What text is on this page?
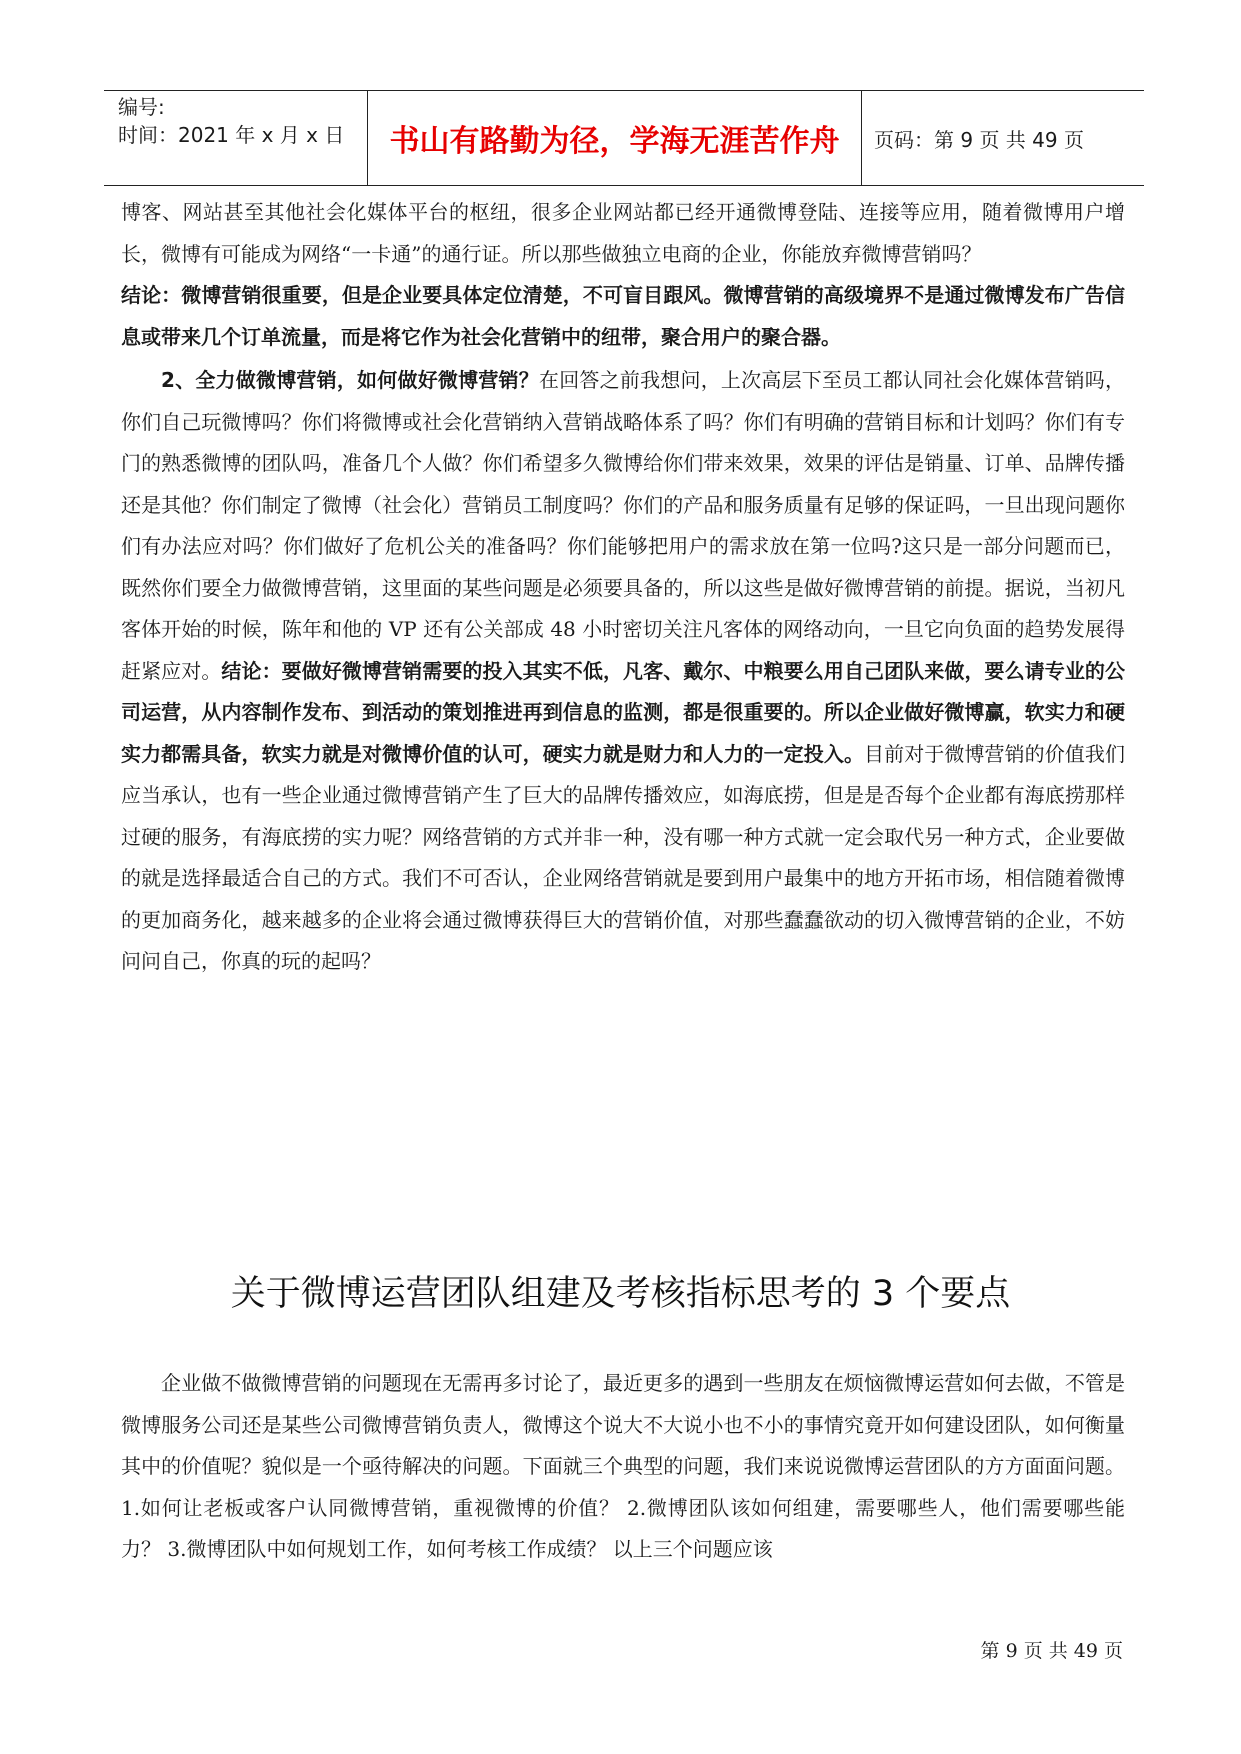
编号:
时间：2021 年 x 月 x 日	书山有路勤为径，学海无涯苦作舟	页码：第 9 页 共 49 页
博客、网站甚至其他社会化媒体平台的枢纽，很多企业网站都已经开通微博登陆、连接等应用，随着微博用户增长，微博有可能成为网络“一卡通”的通行证。所以那些做独立电商的企业，你能放弃微博营销吗？
结论：微博营销很重要，但是企业要具体定位清楚，不可盲目跟风。微博营销的高级境界不是通过微博发布广告信息或带来几个订单流量，而是将它作为社会化营销中的纽带，聚合用户的聚合器。
2、全力做微博营销，如何做好微博营销？在回答之前我想问，上次高层下至员工都认同社会化媒体营销吗，你们自己玩微博吗？你们将微博或社会化营销纳入营销战略体系了吗？你们有明确的营销目标和计划吗？你们有专门的熟悉微博的团队吗，准备几个人做？你们希望多久微博给你们带来效果，效果的评估是销量、订单、品牌传播还是其他？你们制定了微博（社会化）营销员工制度吗？你们的产品和服务质量有足够的保证吗，一旦出现问题你们有办法应对吗？你们做好了危机公关的准备吗？你们能够把用户的需求放在第一位吗?这只是一部分问题而已，既然你们要全力做微博营销，这里面的某些问题是必须要具备的，所以这些是做好微博营销的前提。据说，当初凡客体开始的时候，陈年和他的 VP 还有公关部成 48 小时密切关注凡客体的网络动向，一旦它向负面的趋势发展得赶紧应对。结论：要做好微博营销需要的投入其实不低，凡客、戴尔、中粮要么用自己团队来做，要么请专业的公司运营，从内容制作发布、到活动的策划推进再到信息的监测，都是很重要的。所以企业做好微博赢，软实力和硬实力都需具备，软实力就是对微博价值的认可，硬实力就是财力和人力的一定投入。目前对于微博营销的价值我们应当承认，也有一些企业通过微博营销产生了巨大的品牌传播效应，如海底捞，但是是否每个企业都有海底捞那样过硬的服务，有海底捞的实力呢？网络营销的方式并非一种，没有哪一种方式就一定会取代另一种方式，企业要做的就是选择最适合自己的方式。我们不可否认，企业网络营销就是要到用户最集中的地方开拓市场，相信随着微博的更加商务化，越来越多的企业将会通过微博获得巨大的营销价值，对那些蠢蠢欲动的切入微博营销的企业，不妨问问自己，你真的玩的起吗？
关于微博运营团队组建及考核指标思考的 3 个要点
企业做不做微博营销的问题现在无需再多讨论了，最近更多的遇到一些朋友在烦恼微博运营如何去做，不管是微博服务公司还是某些公司微博营销负责人，微博这个说大不大说小也不小的事情究竟开如何建设团队，如何衡量其中的价值呢？貌似是一个亟待解决的问题。下面就三个典型的问题，我们来说说微博运营团队的方方面面问题。 1.如何让老板或客户认同微博营销，重视微博的价值？ 2.微博团队该如何组建，需要哪些人，他们需要哪些能力？ 3.微博团队中如何规划工作，如何考核工作成绩？ 以上三个问题应该
第 9 页 共 49 页
